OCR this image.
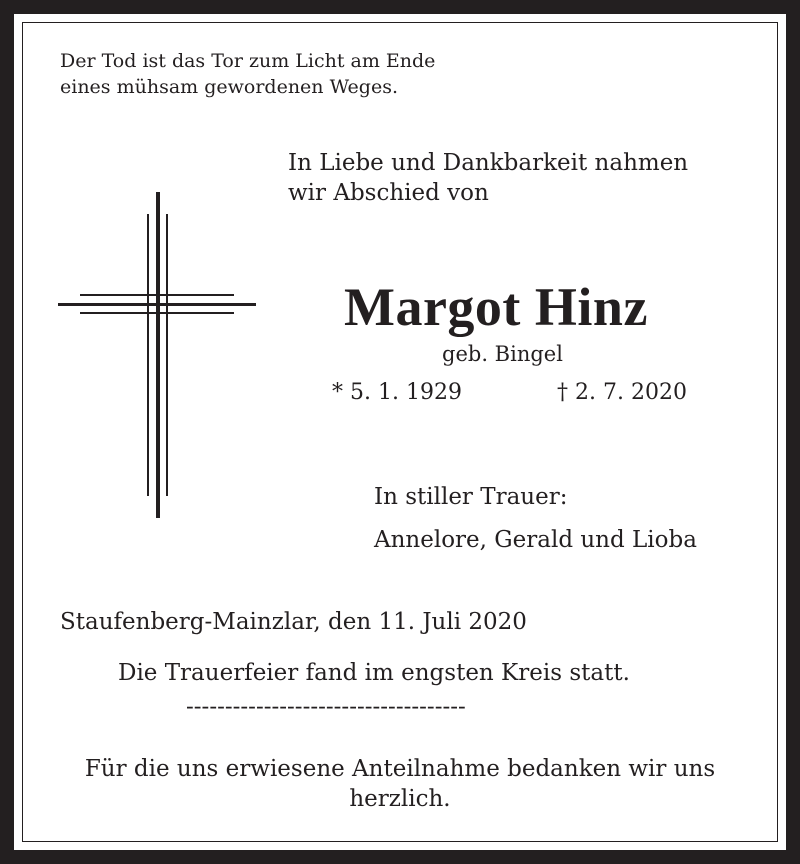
Der Tod ist das Tor zum Licht am Ende
eines mühsam gewordenen Weges.
In Liebe und Dankbarkeit nahmen
wir Abschied von
Margot Hinz
geb. Bingel
* 5. 1. 1929	† 2. 7. 2020
In stiller Trauer:
Annelore, Gerald und Lioba
Staufenberg-Mainzlar, den 11. Juli 2020
Die Trauerfeier fand im engsten Kreis statt.
------------------------------------
Für die uns erwiesene Anteilnahme bedanken wir uns herzlich.
